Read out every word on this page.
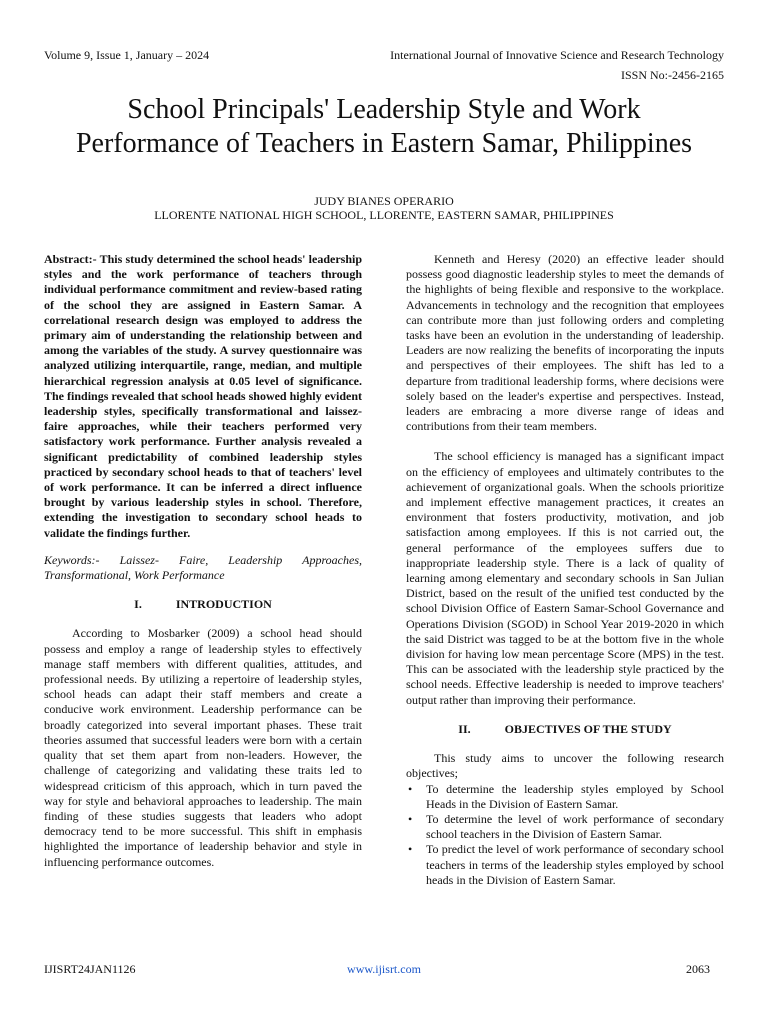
Volume 9, Issue 1, January – 2024	International Journal of Innovative Science and Research Technology
ISSN No:-2456-2165
School Principals' Leadership Style and Work
Performance of Teachers in Eastern Samar, Philippines
JUDY BIANES OPERARIO
LLORENTE NATIONAL HIGH SCHOOL, LLORENTE, EASTERN SAMAR, PHILIPPINES

Abstract:- This study determined the school heads' leadership styles and the work performance of teachers through individual performance commitment and review-based rating of the school they are assigned in Eastern Samar. A correlational research design was employed to address the primary aim of understanding the relationship between and among the variables of the study. A survey questionnaire was analyzed utilizing interquartile, range, median, and multiple hierarchical regression analysis at 0.05 level of significance. The findings revealed that school heads showed highly evident leadership styles, specifically transformational and laissez-faire approaches, while their teachers performed very satisfactory work performance. Further analysis revealed a significant predictability of combined leadership styles practiced by secondary school heads to that of teachers' level of work performance. It can be inferred a direct influence brought by various leadership styles in school. Therefore, extending the investigation to secondary school heads to validate the findings further.

Keywords:- Laissez- Faire, Leadership Approaches, Transformational, Work Performance

I.	INTRODUCTION

According to Mosbarker (2009) a school head should possess and employ a range of leadership styles to effectively manage staff members with different qualities, attitudes, and professional needs. By utilizing a repertoire of leadership styles, school heads can adapt their staff members and create a conducive work environment. Leadership performance can be broadly categorized into several important phases. These trait theories assumed that successful leaders were born with a certain quality that set them apart from non-leaders. However, the challenge of categorizing and validating these traits led to widespread criticism of this approach, which in turn paved the way for style and behavioral approaches to leadership. The main finding of these studies suggests that leaders who adopt democracy tend to be more successful. This shift in emphasis highlighted the importance of leadership behavior and style in influencing performance outcomes.

Kenneth and Heresy (2020) an effective leader should possess good diagnostic leadership styles to meet the demands of the highlights of being flexible and responsive to the workplace. Advancements in technology and the recognition that employees can contribute more than just following orders and completing tasks have been an evolution in the understanding of leadership. Leaders are now realizing the benefits of incorporating the inputs and perspectives of their employees. The shift has led to a departure from traditional leadership forms, where decisions were solely based on the leader's expertise and perspectives. Instead, leaders are embracing a more diverse range of ideas and contributions from their team members.

The school efficiency is managed has a significant impact on the efficiency of employees and ultimately contributes to the achievement of organizational goals. When the schools prioritize and implement effective management practices, it creates an environment that fosters productivity, motivation, and job satisfaction among employees. If this is not carried out, the general performance of the employees suffers due to inappropriate leadership style. There is a lack of quality of learning among elementary and secondary schools in San Julian District, based on the result of the unified test conducted by the school Division Office of Eastern Samar-School Governance and Operations Division (SGOD) in School Year 2019-2020 in which the said District was tagged to be at the bottom five in the whole division for having low mean percentage Score (MPS) in the test. This can be associated with the leadership style practiced by the school needs. Effective leadership is needed to improve teachers' output rather than improving their performance.

II.	OBJECTIVES OF THE STUDY

This study aims to uncover the following research objectives;

• To determine the leadership styles employed by School Heads in the Division of Eastern Samar.
• To determine the level of work performance of secondary school teachers in the Division of Eastern Samar.
• To predict the level of work performance of secondary school teachers in terms of the leadership styles employed by school heads in the Division of Eastern Samar.
IJISRT24JAN1126	www.ijisrt.com	2063
